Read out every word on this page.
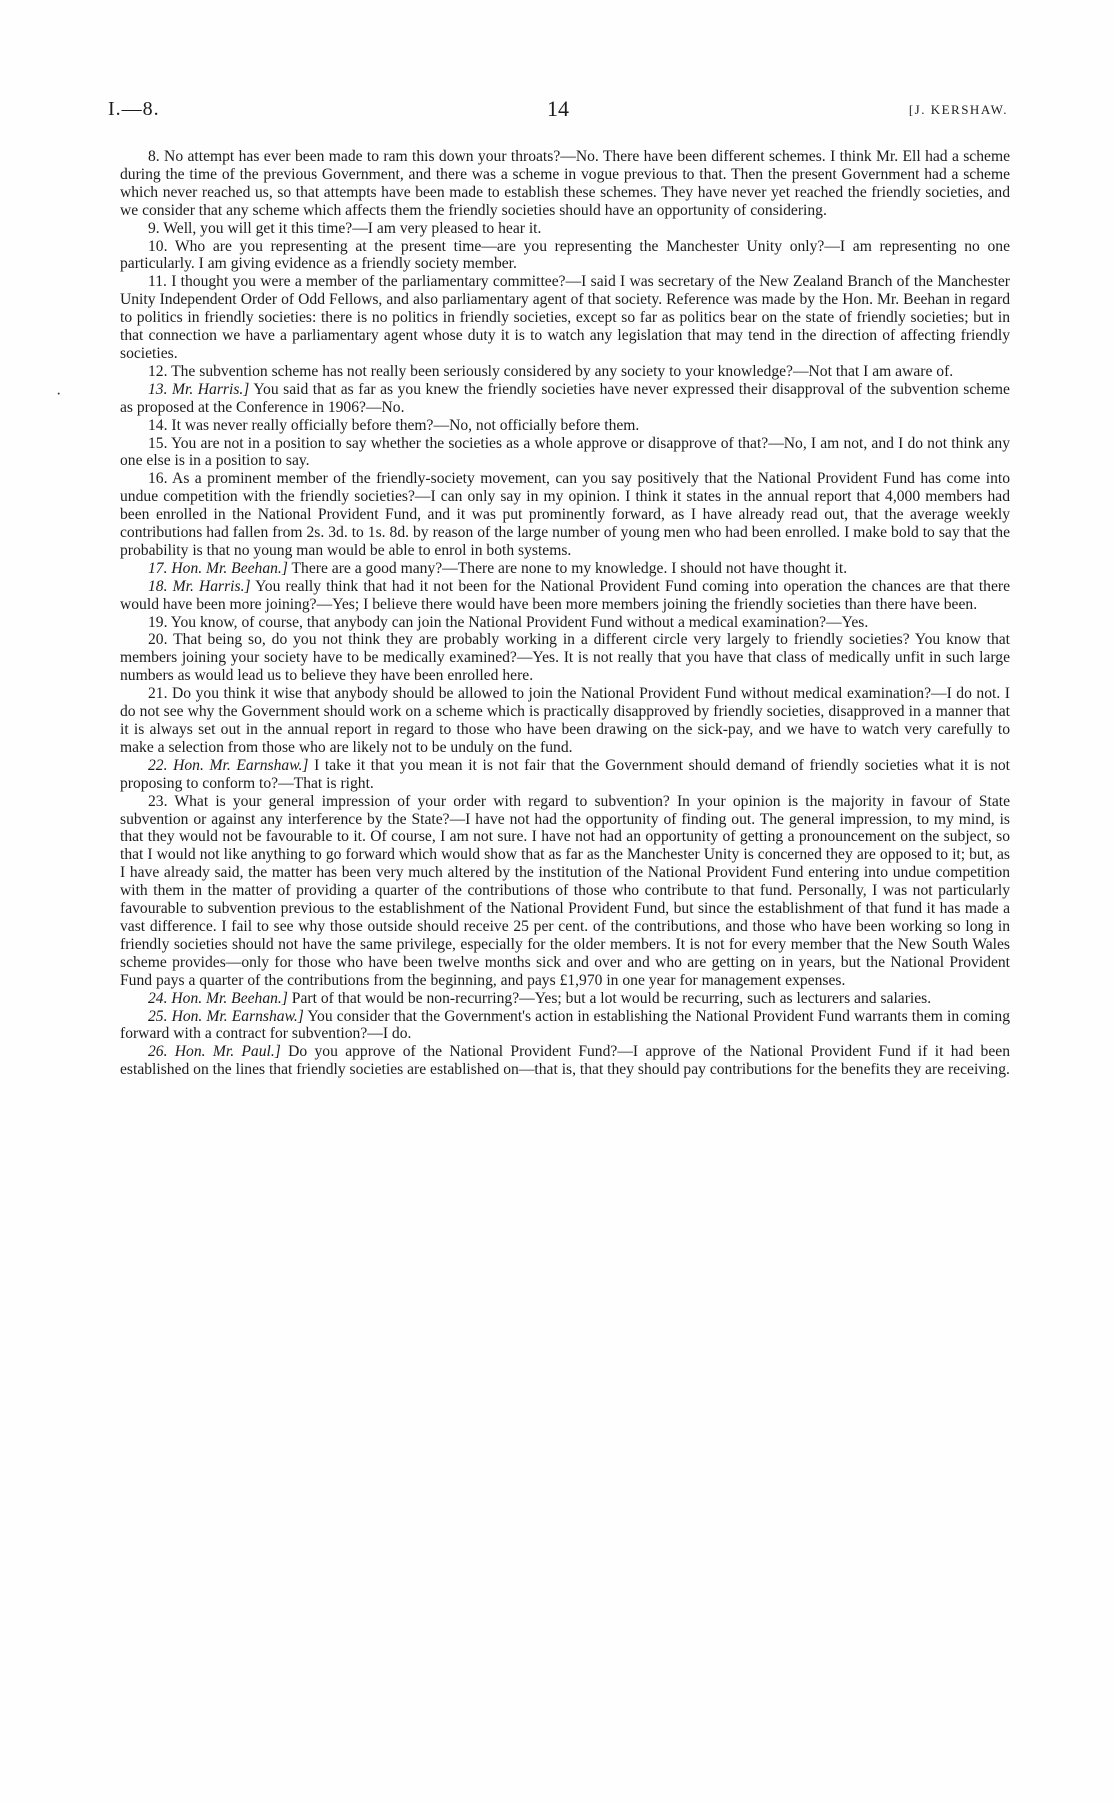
I.—8.	14	[J. KERSHAW.
·

8. No attempt has ever been made to ram this down your throats?—No. There have been different schemes. I think Mr. Ell had a scheme during the time of the previous Government, and there was a scheme in vogue previous to that. Then the present Government had a scheme which never reached us, so that attempts have been made to establish these schemes. They have never yet reached the friendly societies, and we consider that any scheme which affects them the friendly societies should have an opportunity of considering.

9. Well, you will get it this time?—I am very pleased to hear it.

10. Who are you representing at the present time—are you representing the Manchester Unity only?—I am representing no one particularly. I am giving evidence as a friendly society member.

11. I thought you were a member of the parliamentary committee?—I said I was secretary of the New Zealand Branch of the Manchester Unity Independent Order of Odd Fellows, and also parliamentary agent of that society. Reference was made by the Hon. Mr. Beehan in regard to politics in friendly societies: there is no politics in friendly societies, except so far as politics bear on the state of friendly societies; but in that connection we have a parliamentary agent whose duty it is to watch any legislation that may tend in the direction of affecting friendly societies.

12. The subvention scheme has not really been seriously considered by any society to your knowledge?—Not that I am aware of.

13. Mr. Harris.] You said that as far as you knew the friendly societies have never expressed their disapproval of the subvention scheme as proposed at the Conference in 1906?—No.

14. It was never really officially before them?—No, not officially before them.

15. You are not in a position to say whether the societies as a whole approve or disapprove of that?—No, I am not, and I do not think any one else is in a position to say.

16. As a prominent member of the friendly-society movement, can you say positively that the National Provident Fund has come into undue competition with the friendly societies?—I can only say in my opinion. I think it states in the annual report that 4,000 members had been enrolled in the National Provident Fund, and it was put prominently forward, as I have already read out, that the average weekly contributions had fallen from 2s. 3d. to 1s. 8d. by reason of the large number of young men who had been enrolled. I make bold to say that the probability is that no young man would be able to enrol in both systems.

17. Hon. Mr. Beehan.] There are a good many?—There are none to my knowledge. I should not have thought it.

18. Mr. Harris.] You really think that had it not been for the National Provident Fund coming into operation the chances are that there would have been more joining?—Yes; I believe there would have been more members joining the friendly societies than there have been.

19. You know, of course, that anybody can join the National Provident Fund without a medical examination?—Yes.

20. That being so, do you not think they are probably working in a different circle very largely to friendly societies? You know that members joining your society have to be medically examined?—Yes. It is not really that you have that class of medically unfit in such large numbers as would lead us to believe they have been enrolled here.

21. Do you think it wise that anybody should be allowed to join the National Provident Fund without medical examination?—I do not. I do not see why the Government should work on a scheme which is practically disapproved by friendly societies, disapproved in a manner that it is always set out in the annual report in regard to those who have been drawing on the sick-pay, and we have to watch very carefully to make a selection from those who are likely not to be unduly on the fund.

22. Hon. Mr. Earnshaw.] I take it that you mean it is not fair that the Government should demand of friendly societies what it is not proposing to conform to?—That is right.

23. What is your general impression of your order with regard to subvention? In your opinion is the majority in favour of State subvention or against any interference by the State?—I have not had the opportunity of finding out. The general impression, to my mind, is that they would not be favourable to it. Of course, I am not sure. I have not had an opportunity of getting a pronouncement on the subject, so that I would not like anything to go forward which would show that as far as the Manchester Unity is concerned they are opposed to it; but, as I have already said, the matter has been very much altered by the institution of the National Provident Fund entering into undue competition with them in the matter of providing a quarter of the contributions of those who contribute to that fund. Personally, I was not particularly favourable to subvention previous to the establishment of the National Provident Fund, but since the establishment of that fund it has made a vast difference. I fail to see why those outside should receive 25 per cent. of the contributions, and those who have been working so long in friendly societies should not have the same privilege, especially for the older members. It is not for every member that the New South Wales scheme provides—only for those who have been twelve months sick and over and who are getting on in years, but the National Provident Fund pays a quarter of the contributions from the beginning, and pays £1,970 in one year for management expenses.

24. Hon. Mr. Beehan.] Part of that would be non-recurring?—Yes; but a lot would be recurring, such as lecturers and salaries.

25. Hon. Mr. Earnshaw.] You consider that the Government's action in establishing the National Provident Fund warrants them in coming forward with a contract for subvention?—I do.

26. Hon. Mr. Paul.] Do you approve of the National Provident Fund?—I approve of the National Provident Fund if it had been established on the lines that friendly societies are established on—that is, that they should pay contributions for the benefits they are receiving.
